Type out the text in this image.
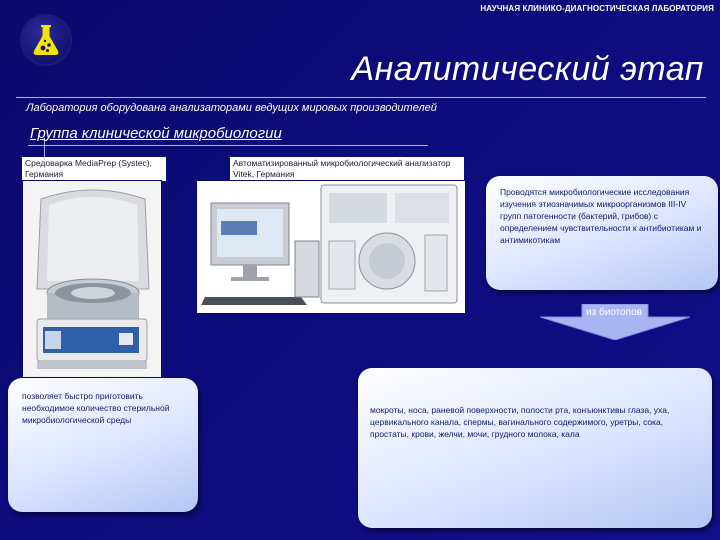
НАУЧНАЯ КЛИНИКО-ДИАГНОСТИЧЕСКАЯ ЛАБОРАТОРИЯ
Аналитический этап
Лаборатория оборудована анализаторами ведущих мировых производителей
Группа клинической микробиологии
Средоварка MediaPrep (Systec), Германия
Автоматизированный микробиологический анализатор Vitek, Германия
Проводятся микробиологические исследования изучения этиозначимых микроорганизмов III-IV групп патогенности (бактерий, грибов) с определением чувствительности к антибиотикам и антимикотикам
из биотопов
позволяет быстро приготовить необходимое количество стерильной микробиологической среды
мокроты, носа, раневой поверхности, полости рта, конъюнктивы глаза, уха, цервикального канала, спермы, вагинального содержимого, уретры, сока, простаты, крови, желчи, мочи, грудного молока, кала
